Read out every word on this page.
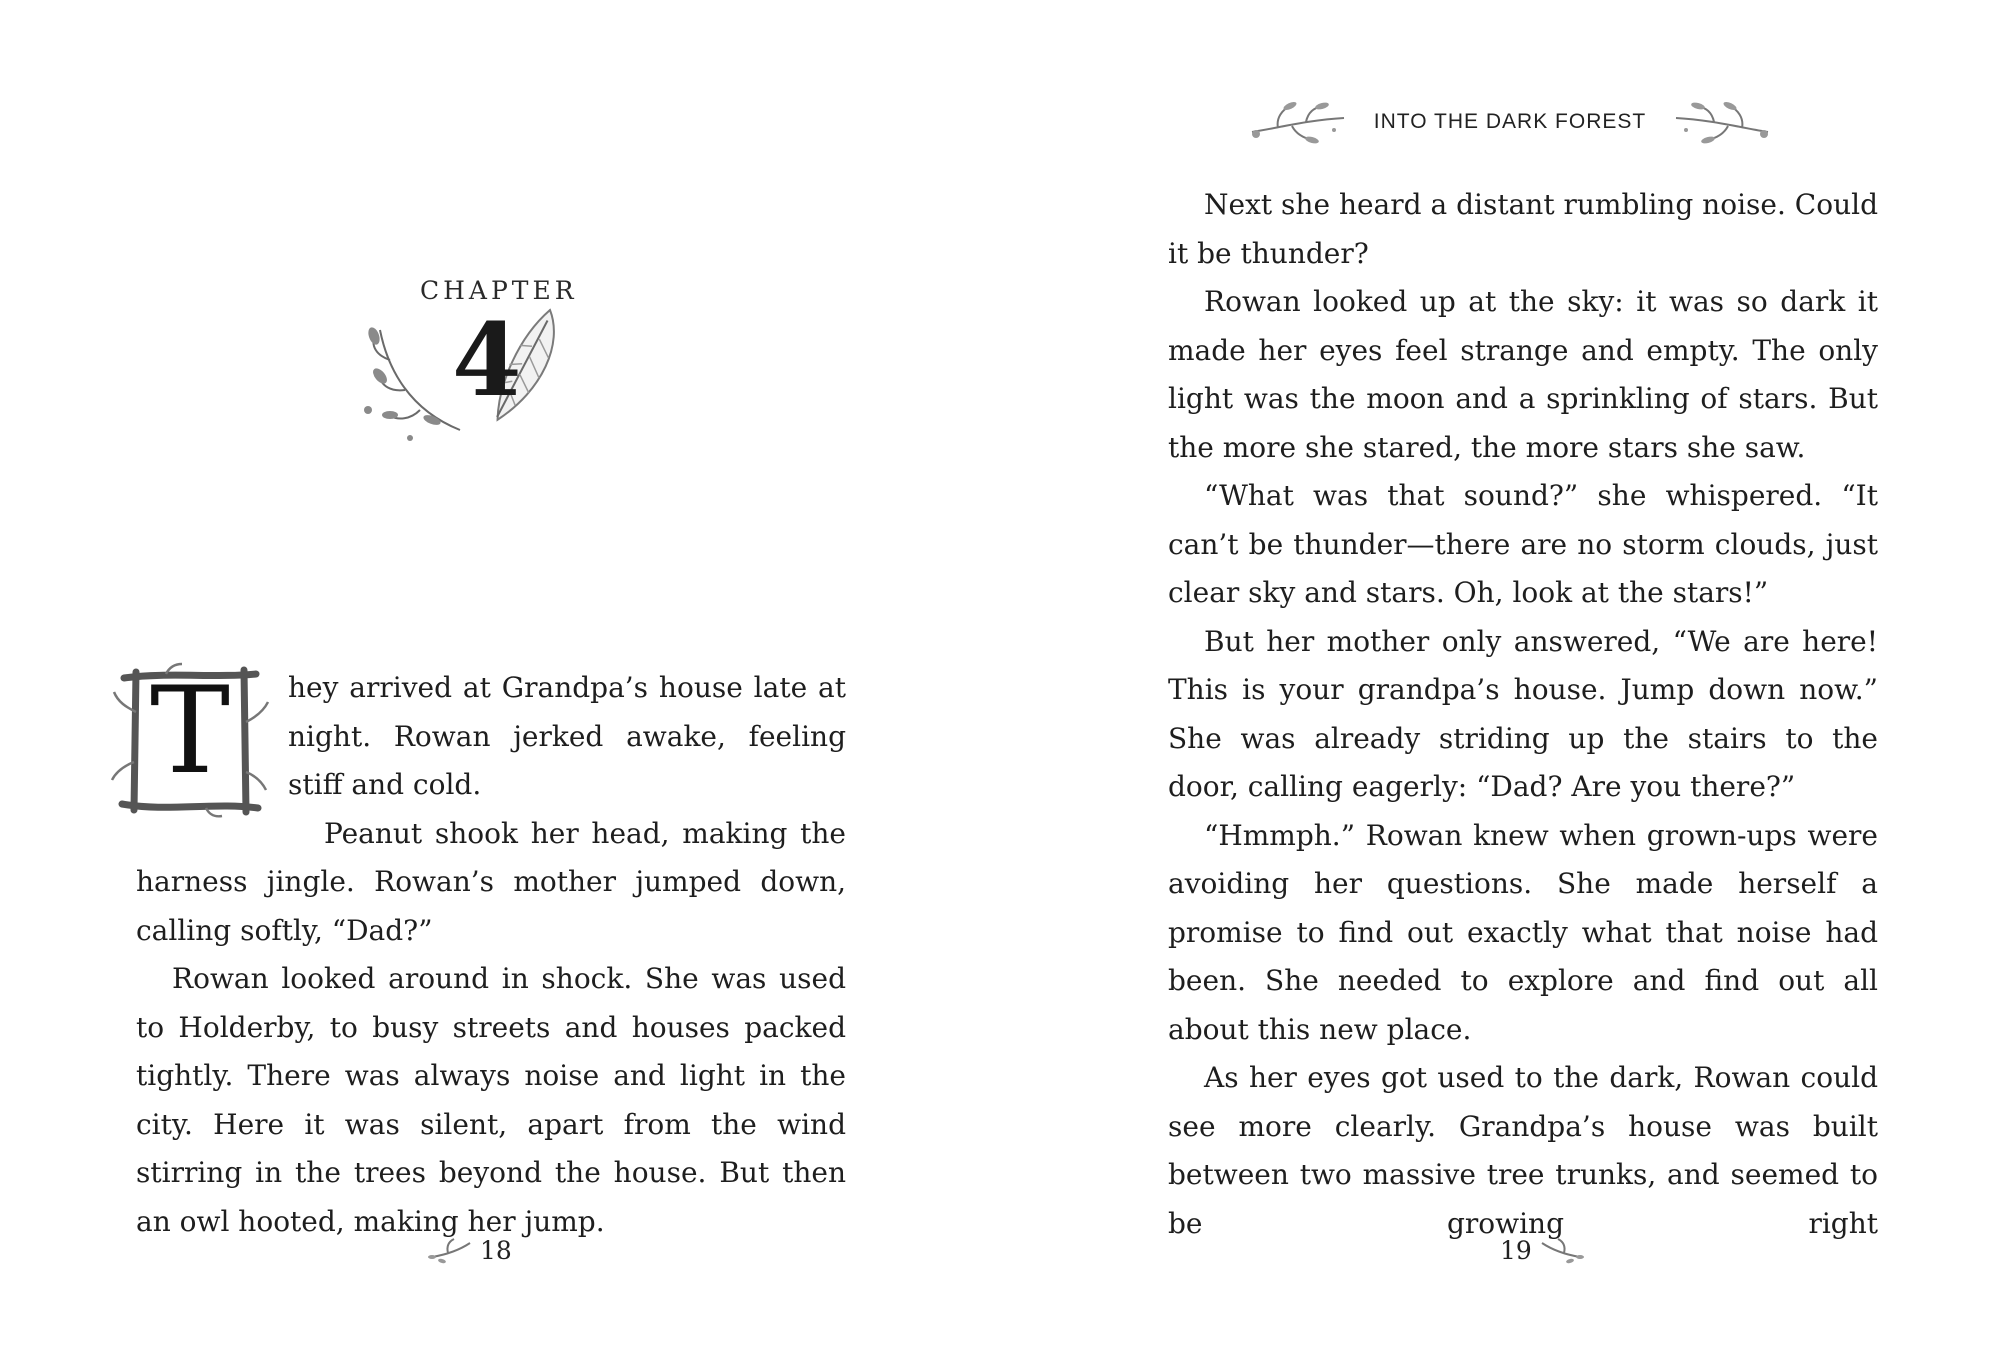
CHAPTER
4
T	hey arrived at Grandpa’s house late at night. Rowan jerked awake, feeling stiff and cold.

Peanut shook her head, making the harness jingle. Rowan’s mother jumped down, calling softly, “Dad?”

Rowan looked around in shock. She was used to Holderby, to busy streets and houses packed tightly. There was always noise and light in the city. Here it was silent, apart from the wind stirring in the trees beyond the house. But then an owl hooted, making her jump.

18
INTO THE DARK FOREST

Next she heard a distant rumbling noise. Could it be thunder?

Rowan looked up at the sky: it was so dark it made her eyes feel strange and empty. The only light was the moon and a sprinkling of stars. But the more she stared, the more stars she saw.

“What was that sound?” she whispered. “It can’t be thunder—there are no storm clouds, just clear sky and stars. Oh, look at the stars!”

But her mother only answered, “We are here! This is your grandpa’s house. Jump down now.” She was already striding up the stairs to the door, calling eagerly: “Dad? Are you there?”

“Hmmph.” Rowan knew when grown-ups were avoiding her questions. She made herself a promise to find out exactly what that noise had been. She needed to explore and find out all about this new place.

As her eyes got used to the dark, Rowan could see more clearly. Grandpa’s house was built between two massive tree trunks, and seemed to be growing right

19
